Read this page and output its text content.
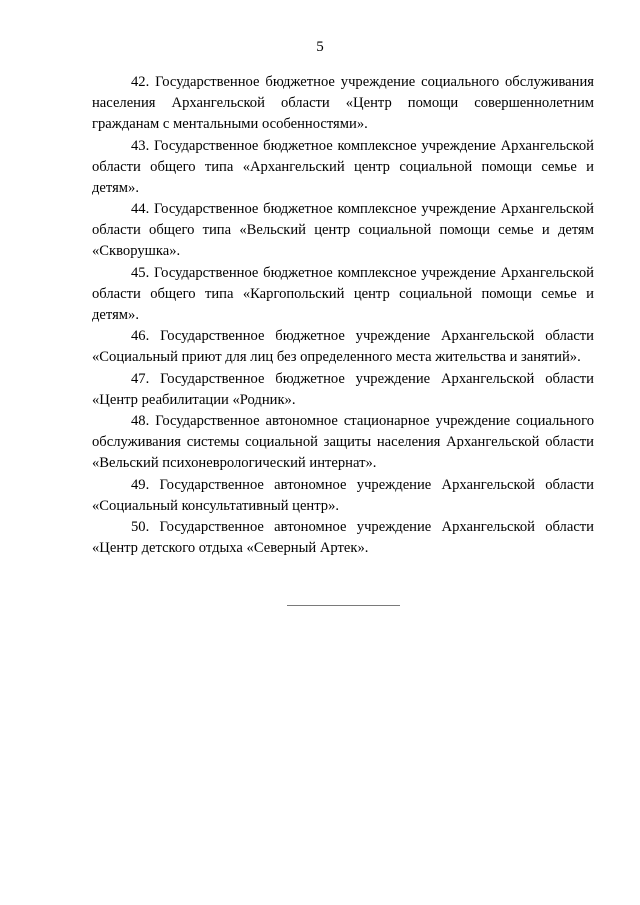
5

42. Государственное бюджетное учреждение социального обслуживания населения Архангельской области «Центр помощи совершеннолетним гражданам с ментальными особенностями».

43. Государственное бюджетное комплексное учреждение Архангельской области общего типа «Архангельский центр социальной помощи семье и детям».

44. Государственное бюджетное комплексное учреждение Архангельской области общего типа «Вельский центр социальной помощи семье и детям «Скворушка».

45. Государственное бюджетное комплексное учреждение Архангельской области общего типа «Каргопольский центр социальной помощи семье и детям».

46. Государственное бюджетное учреждение Архангельской области «Социальный приют для лиц без определенного места жительства и занятий».

47. Государственное бюджетное учреждение Архангельской области «Центр реабилитации «Родник».

48. Государственное автономное стационарное учреждение социального обслуживания системы социальной защиты населения Архангельской области «Вельский психоневрологический интернат».

49. Государственное автономное учреждение Архангельской области «Социальный консультативный центр».

50. Государственное автономное учреждение Архангельской области «Центр детского отдыха «Северный Артек».
